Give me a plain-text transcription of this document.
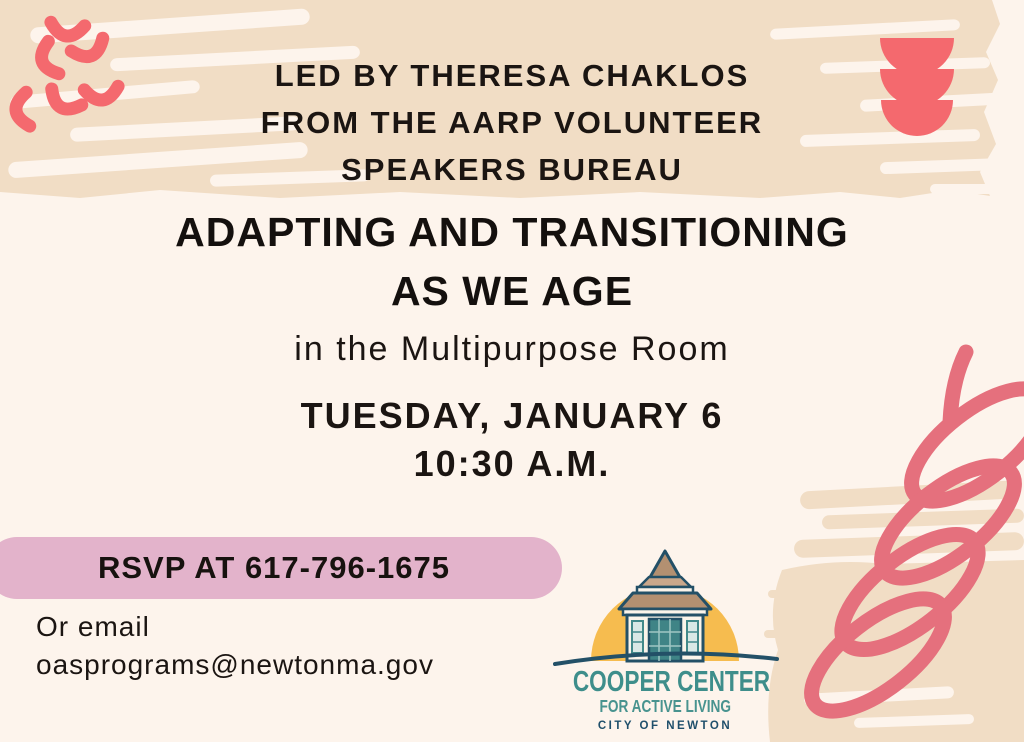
LED BY THERESA CHAKLOS
FROM THE AARP VOLUNTEER
SPEAKERS BUREAU
ADAPTING AND TRANSITIONING
AS WE AGE
in the Multipurpose Room
TUESDAY, JANUARY 6
10:30 A.M.
RSVP AT 617-796-1675
Or email
oasprograms@newtonma.gov
COOPER CENTER
FOR ACTIVE LIVING
CITY OF NEWTON
